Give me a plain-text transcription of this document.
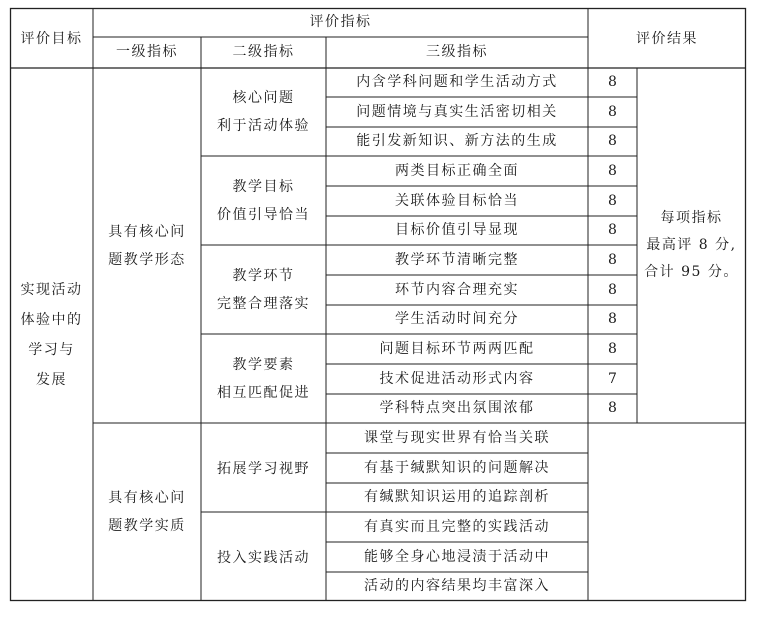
评价目标
评价指标
一级指标	二级指标	三级指标
评价结果
实现活动
体验中的
学习与
发展
具有核心问
题教学形态
核心问题
利于活动体验
教学目标
价值引导恰当
教学环节
完整合理落实
教学要素
相互匹配促进
内含学科问题和学生活动方式
问题情境与真实生活密切相关
能引发新知识、新方法的生成
两类目标正确全面
关联体验目标恰当
目标价值引导显现
教学环节清晰完整
环节内容合理充实
学生活动时间充分
问题目标环节两两匹配
技术促进活动形式内容
学科特点突出氛围浓郁
8
8
8
8
8
8
8
8
8
8
7
8
每项指标
最高评 8 分,
合计 95 分。
具有核心问
题教学实质
拓展学习视野
投入实践活动
课堂与现实世界有恰当关联
有基于缄默知识的问题解决
有缄默知识运用的追踪剖析
有真实而且完整的实践活动
能够全身心地浸渍于活动中
活动的内容结果均丰富深入
